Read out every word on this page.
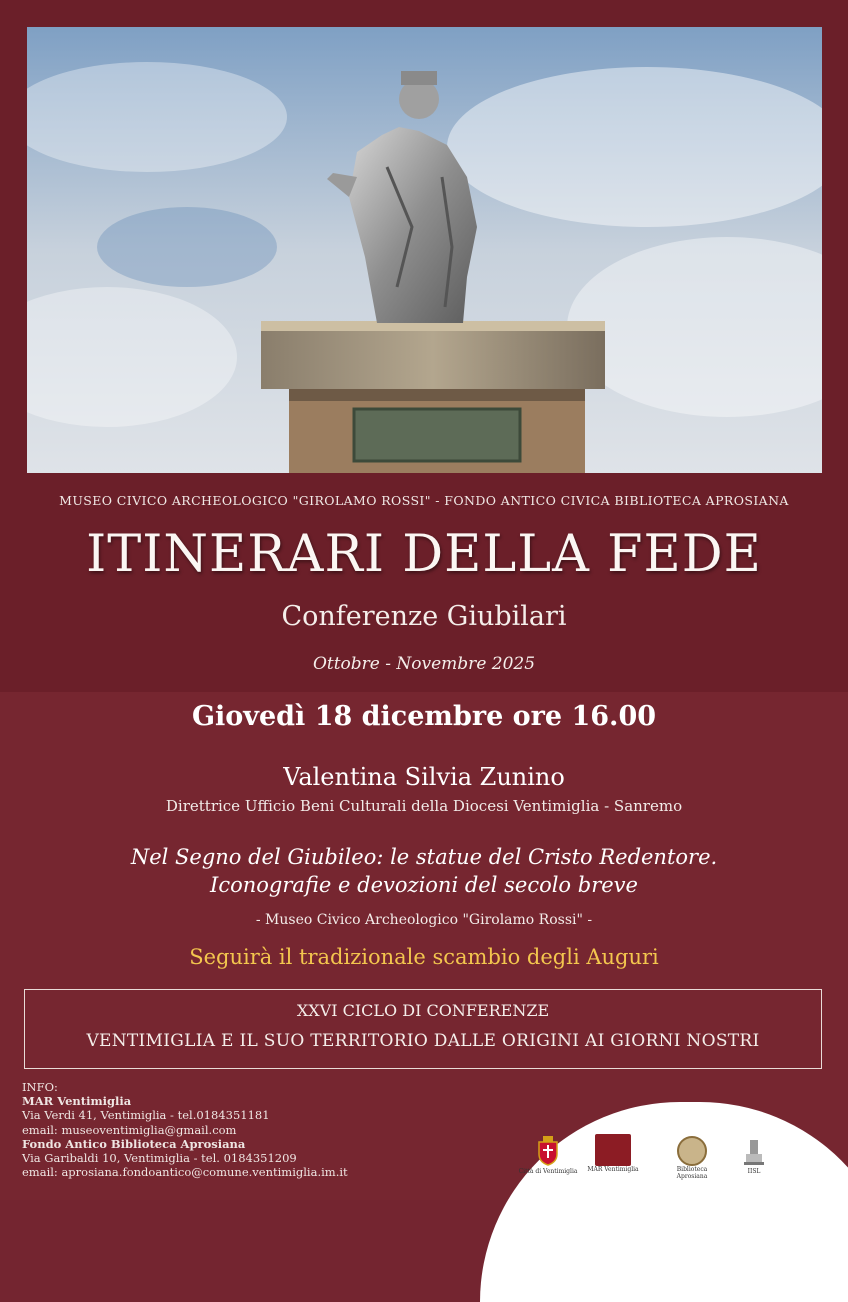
MUSEO CIVICO ARCHEOLOGICO "GIROLAMO ROSSI" - FONDO ANTICO CIVICA BIBLIOTECA APROSIANA
ITINERARI DELLA FEDE
Conferenze Giubilari
Ottobre - Novembre 2025
Giovedì 18 dicembre ore 16.00
Valentina Silvia Zunino
Direttrice Ufficio Beni Culturali della Diocesi Ventimiglia - Sanremo
Nel Segno del Giubileo: le statue del Cristo Redentore.
Iconografie e devozioni del secolo breve
- Museo Civico Archeologico "Girolamo Rossi" -
Seguirà il tradizionale scambio degli Auguri
XXVI CICLO DI CONFERENZE
VENTIMIGLIA E IL SUO TERRITORIO DALLE ORIGINI AI GIORNI NOSTRI
INFO:
MAR Ventimiglia
Via Verdi 41, Ventimiglia - tel.0184351181
email: museoventimiglia@gmail.com
Fondo Antico Biblioteca Aprosiana
Via Garibaldi 10, Ventimiglia - tel. 0184351209
email: aprosiana.fondoantico@comune.ventimiglia.im.it	Città di Ventimiglia MAR Ventimiglia	Biblioteca Aprosiana
IISL
